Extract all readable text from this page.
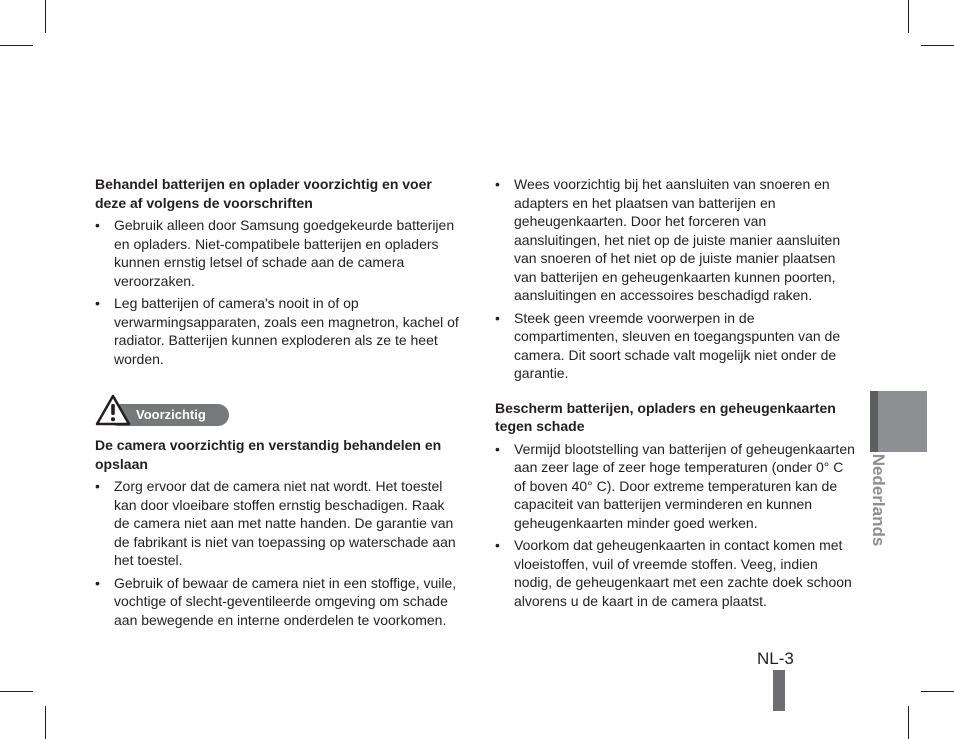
Behandel batterijen en oplader voorzichtig en voer deze af volgens de voorschriften

• Gebruik alleen door Samsung goedgekeurde batterijen en opladers. Niet-compatibele batterijen en opladers kunnen ernstig letsel of schade aan de camera veroorzaken.
• Leg batterijen of camera's nooit in of op verwarmingsapparaten, zoals een magnetron, kachel of radiator. Batterijen kunnen exploderen als ze te heet worden.
Voorzichtig

De camera voorzichtig en verstandig behandelen en opslaan

• Zorg ervoor dat de camera niet nat wordt. Het toestel kan door vloeibare stoffen ernstig beschadigen. Raak de camera niet aan met natte handen. De garantie van de fabrikant is niet van toepassing op waterschade aan het toestel.
• Gebruik of bewaar de camera niet in een stoffige, vuile, vochtige of slecht-geventileerde omgeving om schade aan bewegende en interne onderdelen te voorkomen.
• Wees voorzichtig bij het aansluiten van snoeren en adapters en het plaatsen van batterijen en geheugenkaarten. Door het forceren van aansluitingen, het niet op de juiste manier aansluiten van snoeren of het niet op de juiste manier plaatsen van batterijen en geheugenkaarten kunnen poorten, aansluitingen en accessoires beschadigd raken.
• Steek geen vreemde voorwerpen in de compartimenten, sleuven en toegangspunten van de camera. Dit soort schade valt mogelijk niet onder de garantie.

Bescherm batterijen, opladers en geheugenkaarten tegen schade

• Vermijd blootstelling van batterijen of geheugenkaarten aan zeer lage of zeer hoge temperaturen (onder 0° C of boven 40° C). Door extreme temperaturen kan de capaciteit van batterijen verminderen en kunnen geheugenkaarten minder goed werken.
• Voorkom dat geheugenkaarten in contact komen met vloeistoffen, vuil of vreemde stoffen. Veeg, indien nodig, de geheugenkaart met een zachte doek schoon alvorens u de kaart in de camera plaatst.
Nederlands
NL-3
